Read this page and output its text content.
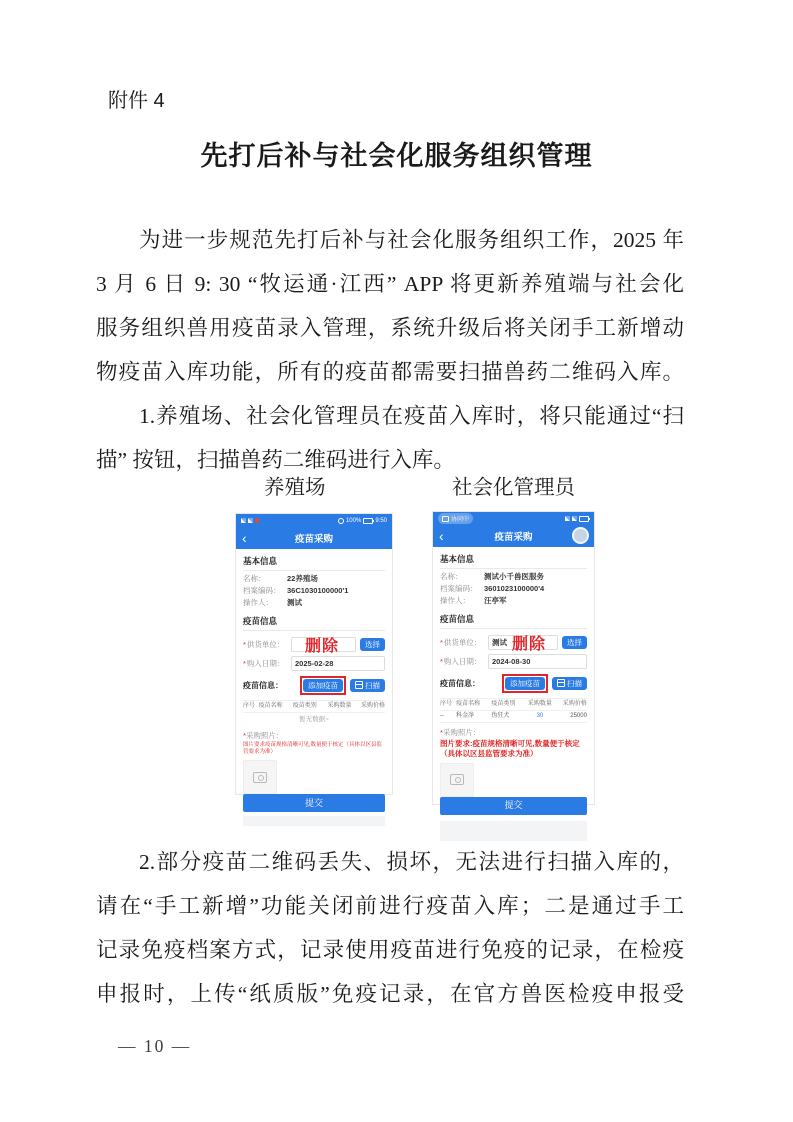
附件 4
先打后补与社会化服务组织管理
为进一步规范先打后补与社会化服务组织工作，2025 年
3 月 6 日 9: 30 “牧运通·江西” APP 将更新养殖端与社会化
服务组织兽用疫苗录入管理，系统升级后将关闭手工新增动
物疫苗入库功能，所有的疫苗都需要扫描兽药二维码入库。
1.养殖场、社会化管理员在疫苗入库时，将只能通过“扫
描” 按钮，扫描兽药二维码进行入库。
养殖场	社会化管理员
100% 9:50
‹	疫苗采购
基本信息
名称：	22养殖场
档案编码： 36C1030100000'1
操作人：	测试
疫苗信息
*供货单位：	删除	选择
*购入日期：	2025-02-28
疫苗信息：	添加疫苗	扫描
序号 疫苗名称	疫苗类别	采购数量	采购价格
暂无数据~
*采购照片：
图片要求疫苗规格清晰可见,数量便于核定（具体以区县监管要求为准）
提交
协同中
‹	疫苗采购
基本信息
名称：	测试小千兽医服务
档案编码： 3601023100000'4
操作人：	汪亭军
疫苗信息
*供货单位：	测试 删除	选择
*购入日期：	2024-08-30
疫苗信息：	添加疫苗	扫描
序号 疫苗名称	疫苗类别	采购数量	采购价格
--	科金净	伪狂犬	30	25000
*采购照片：
图片要求:疫苗规格清晰可见,数量便于核定（具体以区县监管要求为准）
提交
2.部分疫苗二维码丢失、损坏，无法进行扫描入库的，
请在“手工新增”功能关闭前进行疫苗入库；二是通过手工
记录免疫档案方式，记录使用疫苗进行免疫的记录，在检疫
申报时，上传“纸质版”免疫记录，在官方兽医检疫申报受
— 10 —
